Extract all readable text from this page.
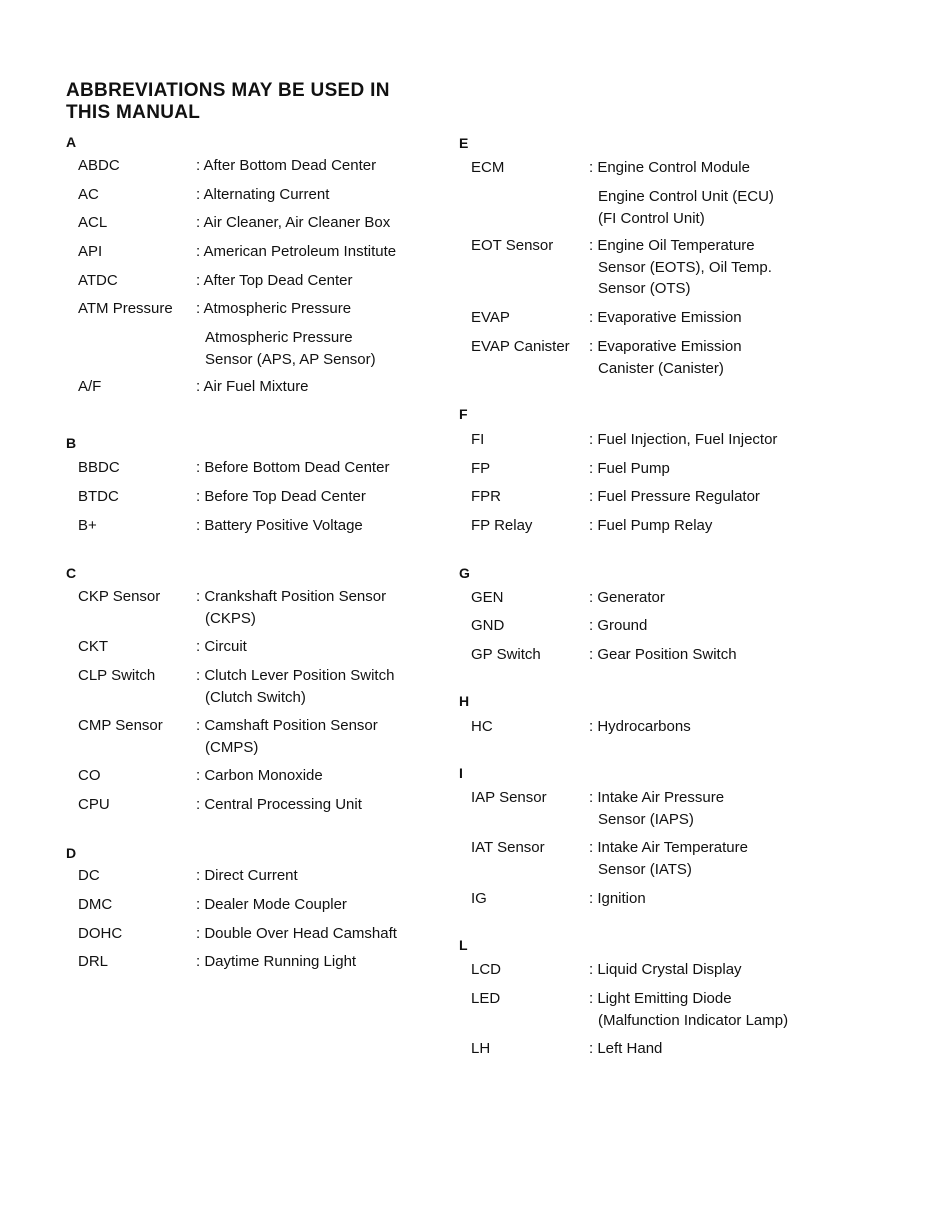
ABBREVIATIONS MAY BE USED IN
THIS MANUAL
A
ABDC	: After Bottom Dead Center
AC	: Alternating Current
ACL	: Air Cleaner, Air Cleaner Box
API	: American Petroleum Institute
ATDC	: After Top Dead Center
ATM Pressure : Atmospheric Pressure
Atmospheric Pressure
Sensor (APS, AP Sensor)
A/F	: Air Fuel Mixture
B
BBDC	: Before Bottom Dead Center
BTDC	: Before Top Dead Center
B+	: Battery Positive Voltage
C
CKP Sensor : Crankshaft Position Sensor
(CKPS)
CKT	: Circuit
CLP Switch	: Clutch Lever Position Switch
(Clutch Switch)
CMP Sensor : Camshaft Position Sensor
(CMPS)
CO	: Carbon Monoxide
CPU	: Central Processing Unit
D
DC	: Direct Current
DMC	: Dealer Mode Coupler
DOHC	: Double Over Head Camshaft
DRL	: Daytime Running Light
E
ECM	: Engine Control Module
Engine Control Unit (ECU)
(FI Control Unit)
EOT Sensor : Engine Oil Temperature
Sensor (EOTS), Oil Temp.
Sensor (OTS)
EVAP	: Evaporative Emission
EVAP Canister : Evaporative Emission
Canister (Canister)
F
FI	: Fuel Injection, Fuel Injector
FP	: Fuel Pump
FPR	: Fuel Pressure Regulator
FP Relay	: Fuel Pump Relay
G
GEN	: Generator
GND	: Ground
GP Switch	: Gear Position Switch
H
HC	: Hydrocarbons
I
IAP Sensor	: Intake Air Pressure
Sensor (IAPS)
IAT Sensor	: Intake Air Temperature
Sensor (IATS)
IG	: Ignition
L
LCD	: Liquid Crystal Display
LED	: Light Emitting Diode
(Malfunction Indicator Lamp)
LH	: Left Hand
